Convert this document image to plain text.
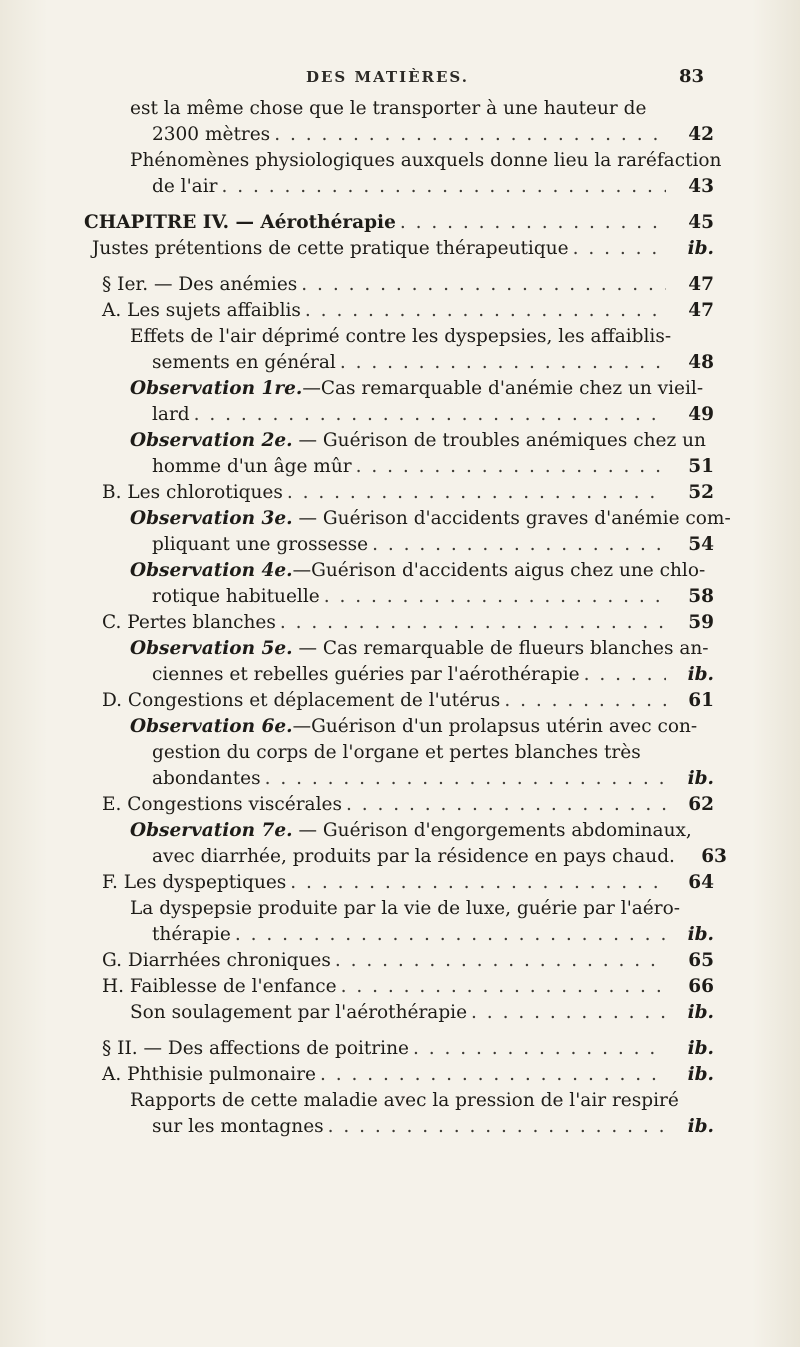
DES MATIÈRES.	83
est la même chose que le transporter à une hauteur de
2300 mètres . . .	42
Phénomènes physiologiques auxquels donne lieu la raréfaction
de l'air . . .	43
CHAPITRE IV. — Aérothérapie . . .	45
Justes prétentions de cette pratique thérapeutique . . .	ib.
§ Ier. — Des anémies . . .	47
A. Les sujets affaiblis . . .	47
Effets de l'air déprimé contre les dyspepsies, les affaiblis-
sements en général . . .	48
Observation 1re.—Cas remarquable d'anémie chez un vieil-
lard . . .	49
Observation 2e. — Guérison de troubles anémiques chez un
homme d'un âge mûr . . .	51
B. Les chlorotiques . . .	52
Observation 3e. — Guérison d'accidents graves d'anémie com-
pliquant une grossesse . . .	54
Observation 4e.—Guérison d'accidents aigus chez une chlo-
rotique habituelle . . .	58
C. Pertes blanches . . .	59
Observation 5e. — Cas remarquable de flueurs blanches an-
ciennes et rebelles guéries par l'aérothérapie . . .	ib.
D. Congestions et déplacement de l'utérus . . .	61
Observation 6e.—Guérison d'un prolapsus utérin avec con-
gestion du corps de l'organe et pertes blanches très
abondantes . . .	ib.
E. Congestions viscérales . . .	62
Observation 7e. — Guérison d'engorgements abdominaux,
avec diarrhée, produits par la résidence en pays chaud.	63
F. Les dyspeptiques . . .	64
La dyspepsie produite par la vie de luxe, guérie par l'aéro-
thérapie . . .	ib.
G. Diarrhées chroniques . . .	65
H. Faiblesse de l'enfance . . .	66
Son soulagement par l'aérothérapie . . .	ib.
§ II. — Des affections de poitrine . . .	ib.
A. Phthisie pulmonaire . . .	ib.
Rapports de cette maladie avec la pression de l'air respiré
sur les montagnes . . .	ib.
